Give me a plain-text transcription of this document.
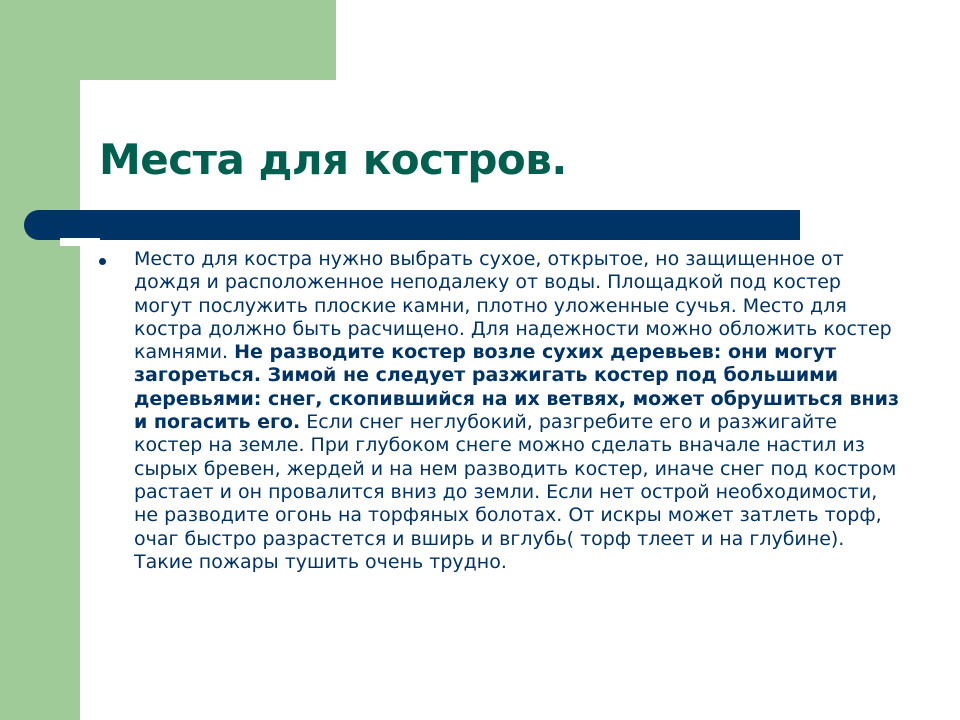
Места для костров.

Место для костра нужно выбрать сухое, открытое, но защищенное от дождя и расположенное неподалеку от воды. Площадкой под костер могут послужить плоские камни, плотно уложенные сучья. Место для костра должно быть расчищено. Для надежности можно обложить костер камнями. Не разводите костер возле сухих деревьев: они могут загореться. Зимой не следует разжигать костер под большими деревьями: снег, скопившийся на их ветвях, может обрушиться вниз и погасить его. Если снег неглубокий, разгребите его и разжигайте костер на земле. При глубоком снеге можно сделать вначале настил из сырых бревен, жердей и на нем разводить костер, иначе снег под костром растает и он провалится вниз до земли. Если нет острой необходимости, не разводите огонь на торфяных болотах. От искры может затлеть торф, очаг быстро разрастется и вширь и вглубь( торф тлеет и на глубине). Такие пожары тушить очень трудно.
